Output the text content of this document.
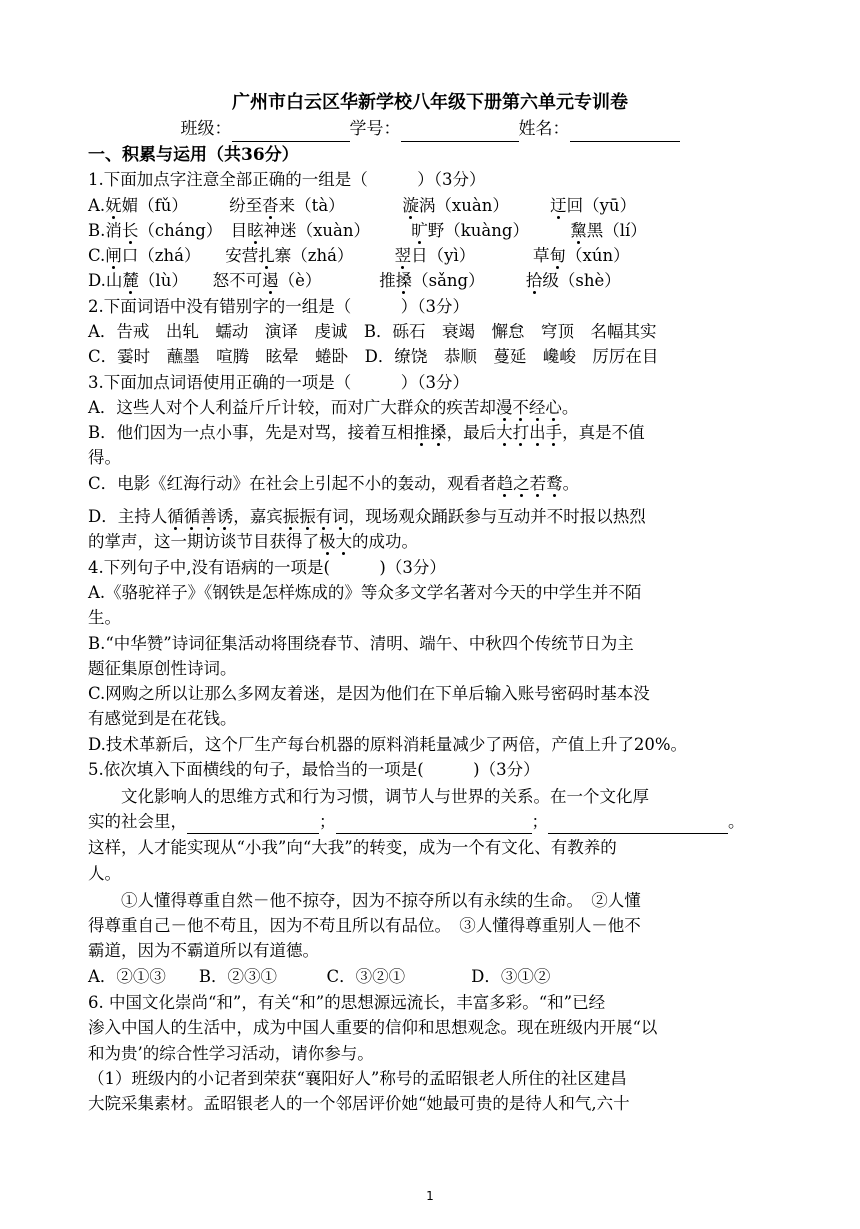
广州市白云区华新学校八年级下册第六单元专训卷
班级：	学号：	姓名：
一、积累与运用（共36分）
1.下面加点字注意全部正确的一组是（　　　）（3分）
A.妩媚（fǔ）　　　	纷至沓来（tà）　　　　	漩涡（xuàn）　　　	迂回（yū）
B.消长（cháng）　 目眩神迷（xuàn）　　　	旷野（kuàng）　　　	黧黑（lí）
C.闸口（zhá）　　 安营扎寨（zhá）　　　	翌日（yì）　　　　	草甸（xún）
D.山麓（lù）　　 怒不可遏（è）　　　　	推搡（sǎng）　　　	拾级（shè）
2.下面词语中没有错别字的一组是（　　　）（3分）
A．告戒　出轧　蠕动　演译　虔诚　B．砾石　衰竭　懈怠　穹顶　名幅其实
C．霎时　蘸墨　喧腾　眩晕　蜷卧　D．缭饶　恭顺　蔓延　巉峻　厉厉在目
3.下面加点词语使用正确的一项是（　　　）（3分）
A．这些人对个人利益斤斤计较，而对广大群众的疾苦却漫不经心。
B．他们因为一点小事，先是对骂，接着互相推搡，最后大打出手，真是不值
得。
C．电影《红海行动》在社会上引起不小的轰动，观看者趋之若鹜。
D．主持人循循善诱，嘉宾振振有词，现场观众踊跃参与互动并不时报以热烈
的掌声，这一期访谈节目获得了极大的成功。
4.下列句子中,没有语病的一项是(　　　)（3分）
A.《骆驼祥子》《钢铁是怎样炼成的》等众多文学名著对今天的中学生并不陌
生。
B.“中华赞”诗词征集活动将围绕春节、清明、端午、中秋四个传统节日为主
题征集原创性诗词。
C.网购之所以让那么多网友着迷，是因为他们在下单后输入账号密码时基本没
有感觉到是在花钱。
D.技术革新后，这个厂生产每台机器的原料消耗量减少了两倍，产值上升了20%。
5.依次填入下面横线的句子，最恰当的一项是(　　　)（3分）
　　文化影响人的思维方式和行为习惯，调节人与世界的关系。在一个文化厚
实的社会里，	；	；	。
这样，人才能实现从“小我”向“大我”的转变，成为一个有文化、有教养的
人。
　　①人懂得尊重自然－他不掠夺，因为不掠夺所以有永续的生命。　②人懂
得尊重自己－他不苟且，因为不苟且所以有品位。　③人懂得尊重别人－他不
霸道，因为不霸道所以有道德。
A．②①③　　B．②③①　　　C．③②①　　　　D．③①②
6. 中国文化崇尚“和”，有关“和”的思想源远流长，丰富多彩。“和”已经
渗入中国人的生活中，成为中国人重要的信仰和思想观念。现在班级内开展“以
和为贵’的综合性学习活动，请你参与。
（1）班级内的小记者到荣获“襄阳好人”称号的孟昭银老人所住的社区建昌
大院采集素材。孟昭银老人的一个邻居评价她“她最可贵的是待人和气,六十
1
